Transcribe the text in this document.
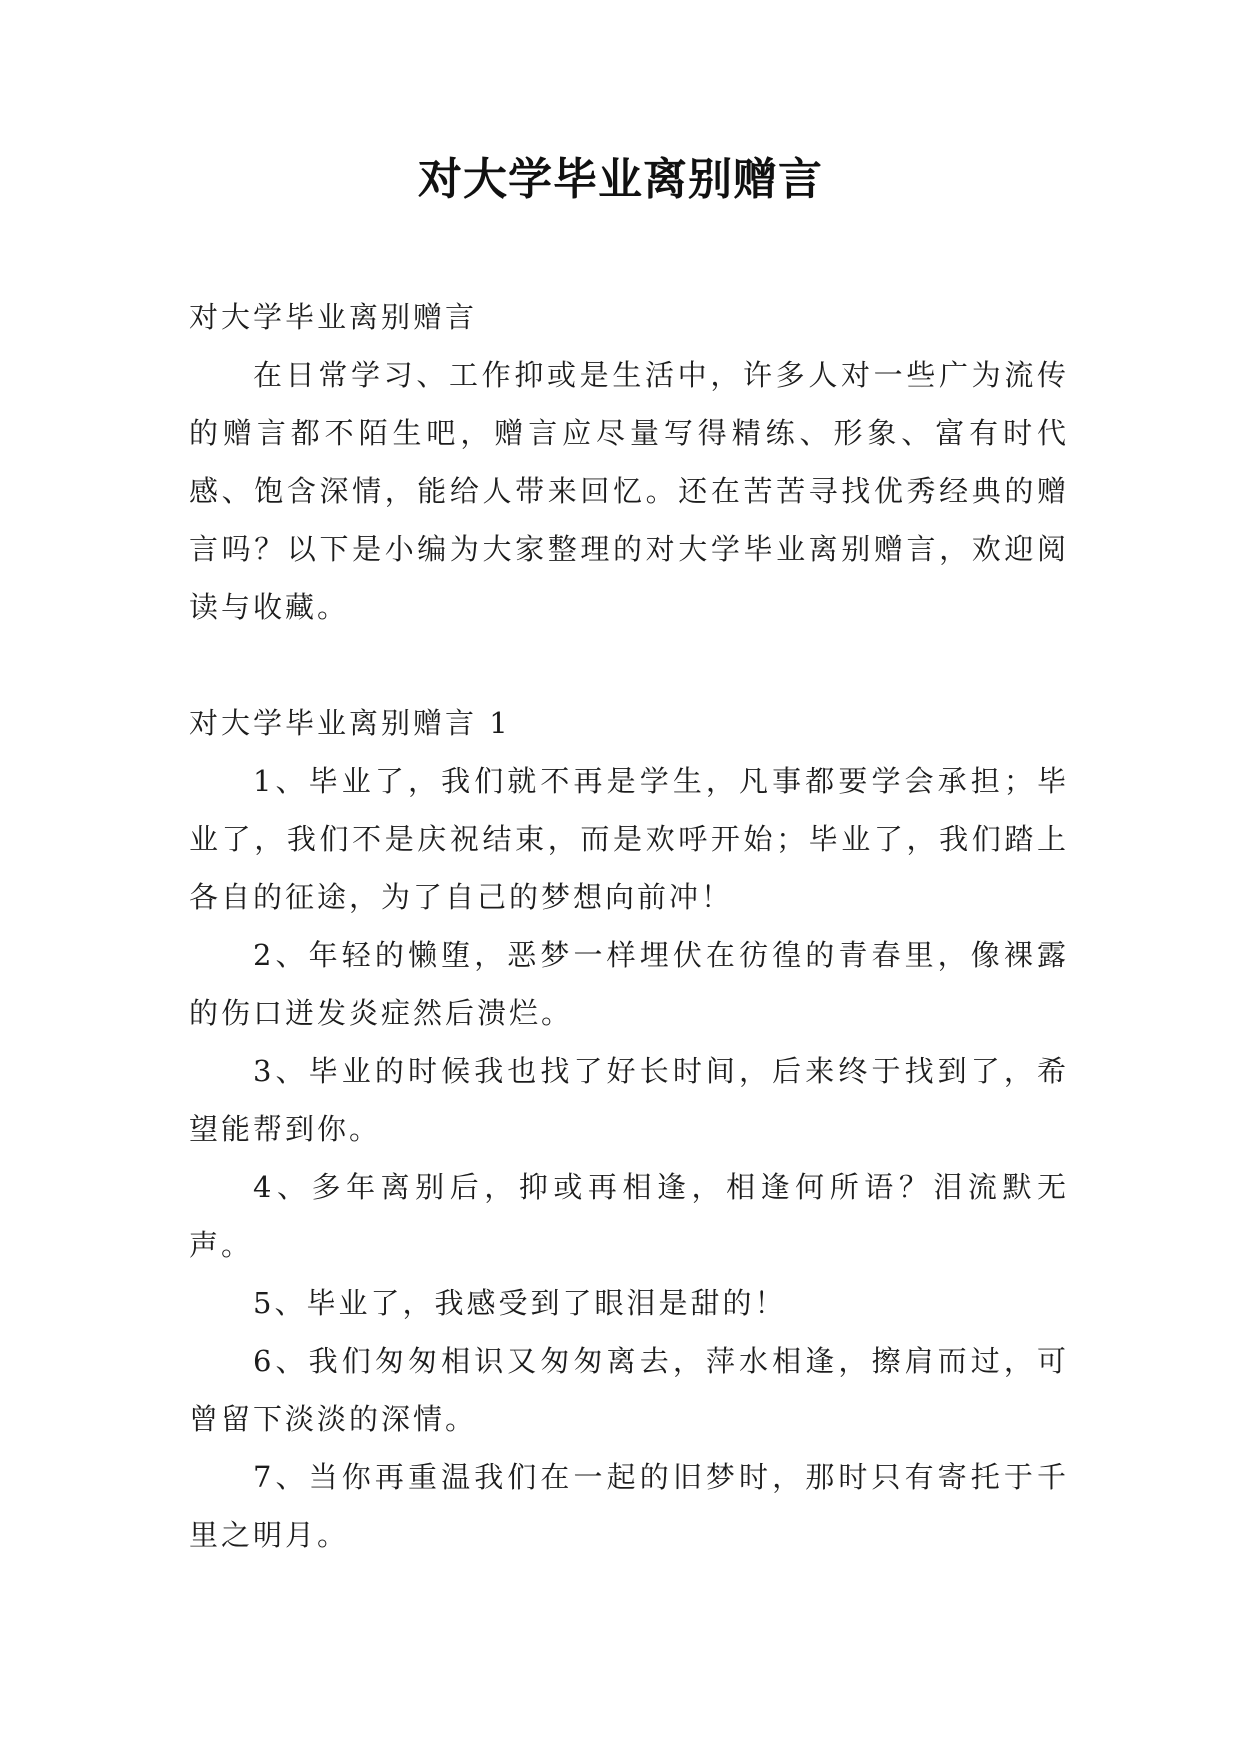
对大学毕业离别赠言

对大学毕业离别赠言

在日常学习、工作抑或是生活中，许多人对一些广为流传的赠言都不陌生吧，赠言应尽量写得精练、形象、富有时代感、饱含深情，能给人带来回忆。还在苦苦寻找优秀经典的赠言吗？以下是小编为大家整理的对大学毕业离别赠言，欢迎阅读与收藏。

对大学毕业离别赠言 1

1、毕业了，我们就不再是学生，凡事都要学会承担；毕业了，我们不是庆祝结束，而是欢呼开始；毕业了，我们踏上各自的征途，为了自己的梦想向前冲！

2、年轻的懒堕，恶梦一样埋伏在彷徨的青春里，像裸露的伤口迸发炎症然后溃烂。

3、毕业的时候我也找了好长时间，后来终于找到了，希望能帮到你。

4、多年离别后，抑或再相逢，相逢何所语？泪流默无声。

5、毕业了，我感受到了眼泪是甜的！

6、我们匆匆相识又匆匆离去，萍水相逢，擦肩而过，可曾留下淡淡的深情。

7、当你再重温我们在一起的旧梦时，那时只有寄托于千里之明月。
